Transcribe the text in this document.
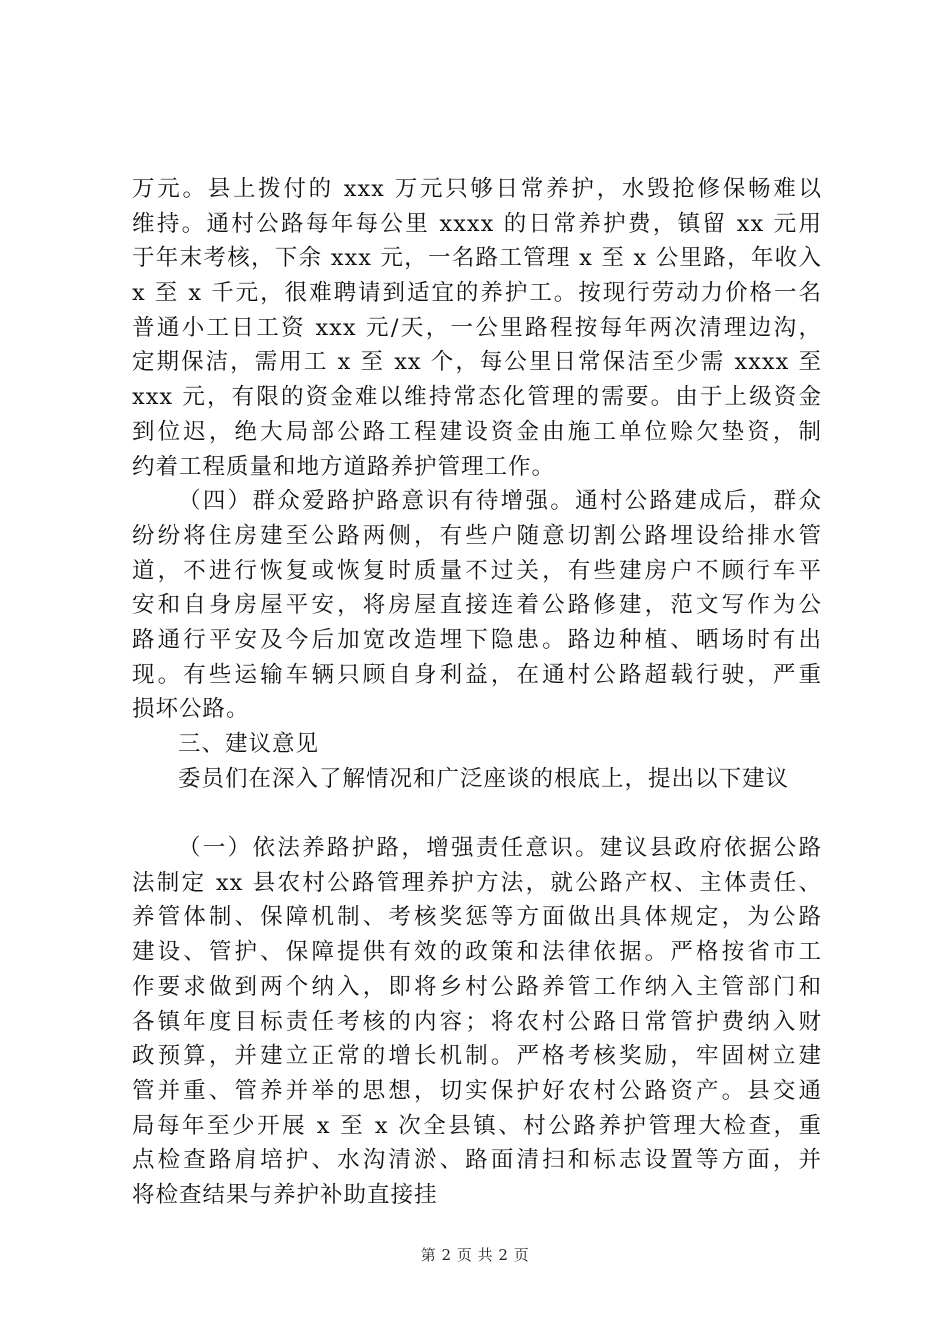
万元。县上拨付的 xxx 万元只够日常养护，水毁抢修保畅难以
维持。通村公路每年每公里 xxxx 的日常养护费，镇留 xx 元用
于年末考核，下余 xxx 元，一名路工管理 x 至 x 公里路，年收入
x 至 x 千元，很难聘请到适宜的养护工。按现行劳动力价格一名
普通小工日工资 xxx 元/天，一公里路程按每年两次清理边沟，
定期保洁，需用工 x 至 xx 个，每公里日常保洁至少需 xxxx 至
xxx 元，有限的资金难以维持常态化管理的需要。由于上级资金
到位迟，绝大局部公路工程建设资金由施工单位赊欠垫资，制
约着工程质量和地方道路养护管理工作。
（四）群众爱路护路意识有待增强。通村公路建成后，群众
纷纷将住房建至公路两侧，有些户随意切割公路埋设给排水管
道，不进行恢复或恢复时质量不过关，有些建房户不顾行车平
安和自身房屋平安，将房屋直接连着公路修建，范文写作为公
路通行平安及今后加宽改造埋下隐患。路边种植、晒场时有出
现。有些运输车辆只顾自身利益，在通村公路超载行驶，严重
损坏公路。
三、建议意见
委员们在深入了解情况和广泛座谈的根底上，提出以下建议
（一）依法养路护路，增强责任意识。建议县政府依据公路
法制定 xx 县农村公路管理养护方法，就公路产权、主体责任、
养管体制、保障机制、考核奖惩等方面做出具体规定，为公路
建设、管护、保障提供有效的政策和法律依据。严格按省市工
作要求做到两个纳入，即将乡村公路养管工作纳入主管部门和
各镇年度目标责任考核的内容；将农村公路日常管护费纳入财
政预算，并建立正常的增长机制。严格考核奖励，牢固树立建
管并重、管养并举的思想，切实保护好农村公路资产。县交通
局每年至少开展 x 至 x 次全县镇、村公路养护管理大检查，重
点检查路肩培护、水沟清淤、路面清扫和标志设置等方面，并
将检查结果与养护补助直接挂
第 2 页 共 2 页
